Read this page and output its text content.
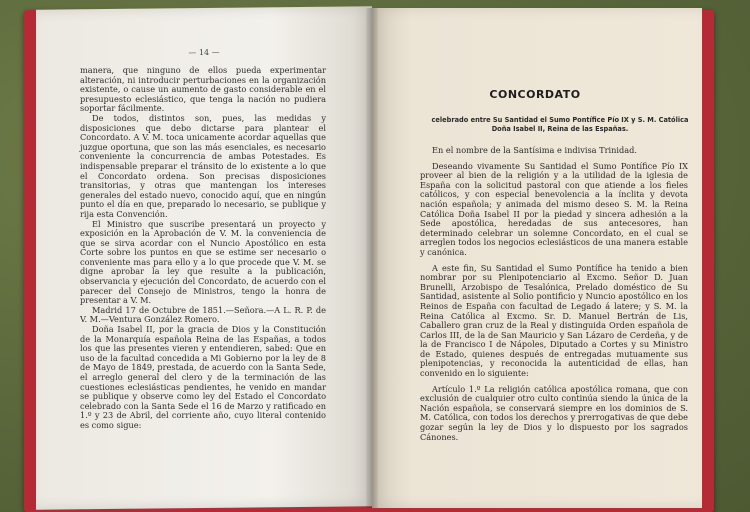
— 14 —

manera, que ninguno de ellos pueda experimentar alteración, ni introducir perturbaciones en la organización existente, o cause un aumento de gasto considerable en el presupuesto eclesiástico, que tenga la nación no pudiera soportar fácilmente.

De todos, distintos son, pues, las medidas y disposiciones que debo dictarse para plantear el Concordato. A V. M. toca unicamente acordar aquellas que juzgue oportuna, que son las más esenciales, es necesario conveniente la concurrencia de ambas Potestades. Es indispensable preparar el tránsito de lo existente a lo que el Concordato ordena. Son precisas disposiciones transitorias, y otras que mantengan los intereses generales del estado nuevo, conocido aquí, que en ningún punto el día en que, preparado lo necesario, se publique y rija esta Convención.

El Ministro que suscribe presentará un proyecto y exposición en la Aprobación de V. M. la conveniencia de que se sirva acordar con el Nuncio Apostólico en esta Corte sobre los puntos en que se estime ser necesario o conveniente mas para ello y a lo que procede que V. M. se digne aprobar la ley que resulte a la publicación, observancia y ejecución del Concordato, de acuerdo con el parecer del Consejo de Ministros, tengo la honra de presentar a V. M.

Madrid 17 de Octubre de 1851.—Señora.—A L. R. P. de V. M.—Ventura González Romero.

Doña Isabel II, por la gracia de Dios y la Constitución de la Monarquía española Reina de las Españas, a todos los que las presentes vieren y entendieren, sabed: Que en uso de la facultad concedida a Mi Gobierno por la ley de 8 de Mayo de 1849, prestada, de acuerdo con la Santa Sede, el arreglo general del clero y de la terminación de las cuestiones eclesiásticas pendientes, he venido en mandar se publique y observe como ley del Estado el Concordato celebrado con la Santa Sede el 16 de Marzo y ratificado en 1.º y 23 de Abril, del corriente año, cuyo literal contenido es como sigue:

CONCORDATO
celebrado entre Su Santidad el Sumo Pontífice Pío IX y S. M. Católica Doña Isabel II, Reina de las Españas.

En el nombre de la Santísima e indivisa Trinidad.

Deseando vivamente Su Santidad el Sumo Pontífice Pío IX proveer al bien de la religión y a la utilidad de la iglesia de España con la solicitud pastoral con que atiende a los fieles católicos, y con especial benevolencia a la ínclita y devota nación española; y animada del mismo deseo S. M. la Reina Católica Doña Isabel II por la piedad y sincera adhesión a la Sede apostólica, heredadas de sus antecesores, han determinado celebrar un solemne Concordato, en el cual se arreglen todos los negocios eclesiásticos de una manera estable y canónica.

A este fin, Su Santidad el Sumo Pontífice ha tenido a bien nombrar por su Plenipotenciario al Excmo. Señor D. Juan Brunelli, Arzobispo de Tesalónica, Prelado doméstico de Su Santidad, asistente al Solio pontificio y Nuncio apostólico en los Reinos de España con facultad de Legado á latere; y S. M. la Reina Católica al Excmo. Sr. D. Manuel Bertrán de Lis, Caballero gran cruz de la Real y distinguida Orden española de Carlos III, de la de San Mauricio y San Lázaro de Cerdeña, y de la de Francisco I de Nápoles, Diputado a Cortes y su Ministro de Estado, quienes después de entregadas mutuamente sus plenipotencias, y reconocida la autenticidad de ellas, han convenido en lo siguiente:

Artículo 1.º La religión católica apostólica romana, que con exclusión de cualquier otro culto continúa siendo la única de la Nación española, se conservará siempre en los dominios de S. M. Católica, con todos los derechos y prerrogativas de que debe gozar según la ley de Dios y lo dispuesto por los sagrados Cánones.
